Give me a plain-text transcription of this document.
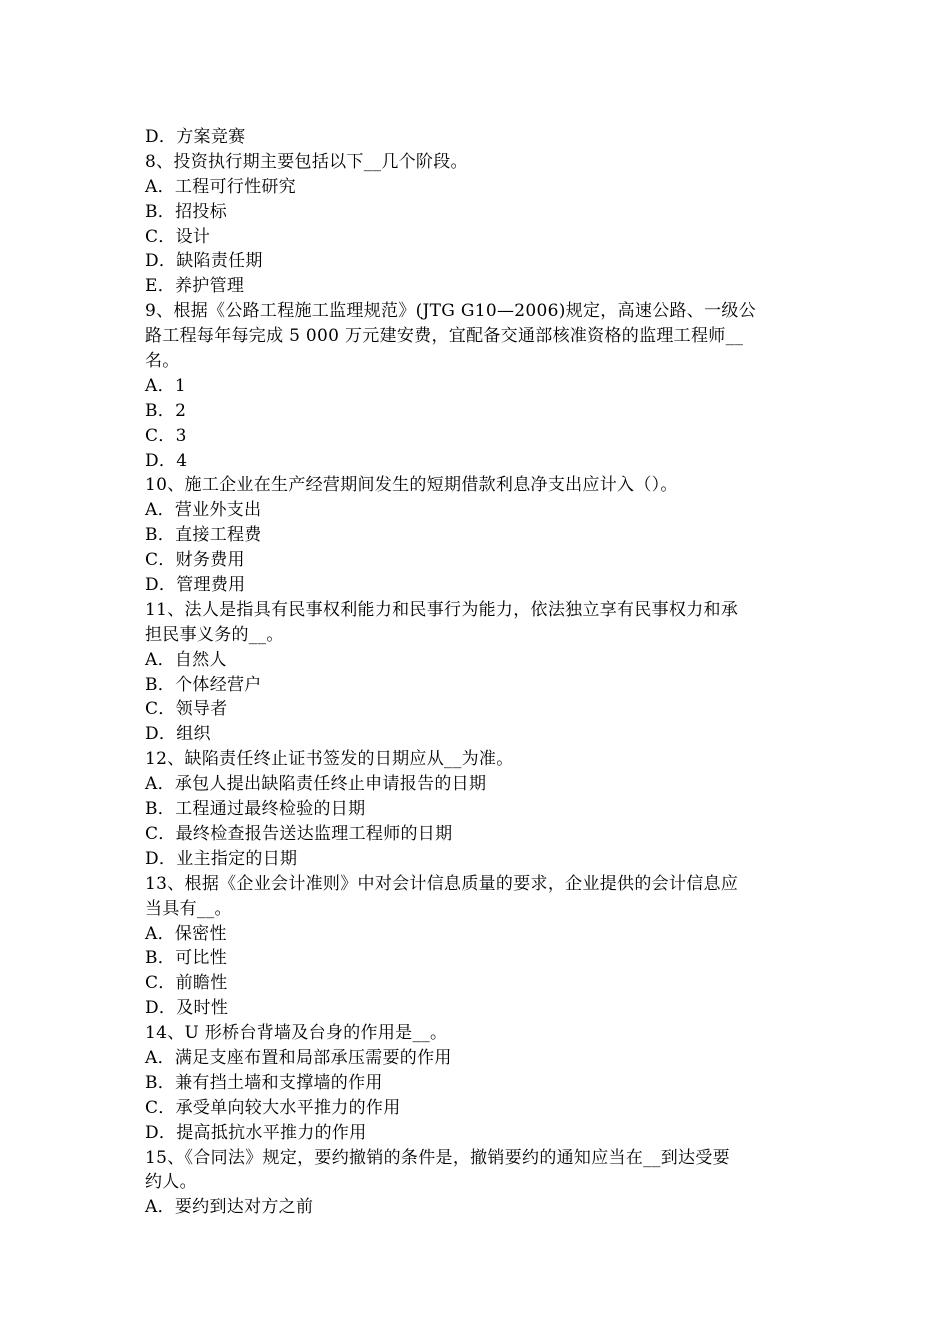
D．方案竞赛
8、投资执行期主要包括以下__几个阶段。
A．工程可行性研究
B．招投标
C．设计
D．缺陷责任期
E．养护管理
9、根据《公路工程施工监理规范》(JTG G10—2006)规定，高速公路、一级公
路工程每年每完成 5 000 万元建安费，宜配备交通部核准资格的监理工程师__
名。
A．1
B．2
C．3
D．4
10、施工企业在生产经营期间发生的短期借款利息净支出应计入（）。
A．营业外支出
B．直接工程费
C．财务费用
D．管理费用
11、法人是指具有民事权利能力和民事行为能力，依法独立享有民事权力和承
担民事义务的__。
A．自然人
B．个体经营户
C．领导者
D．组织
12、缺陷责任终止证书签发的日期应从__为准。
A．承包人提出缺陷责任终止申请报告的日期
B．工程通过最终检验的日期
C．最终检查报告送达监理工程师的日期
D．业主指定的日期
13、根据《企业会计准则》中对会计信息质量的要求，企业提供的会计信息应
当具有__。
A．保密性
B．可比性
C．前瞻性
D．及时性
14、U 形桥台背墙及台身的作用是__。
A．满足支座布置和局部承压需要的作用
B．兼有挡土墙和支撑墙的作用
C．承受单向较大水平推力的作用
D．提高抵抗水平推力的作用
15、《合同法》规定，要约撤销的条件是，撤销要约的通知应当在__到达受要
约人。
A．要约到达对方之前
